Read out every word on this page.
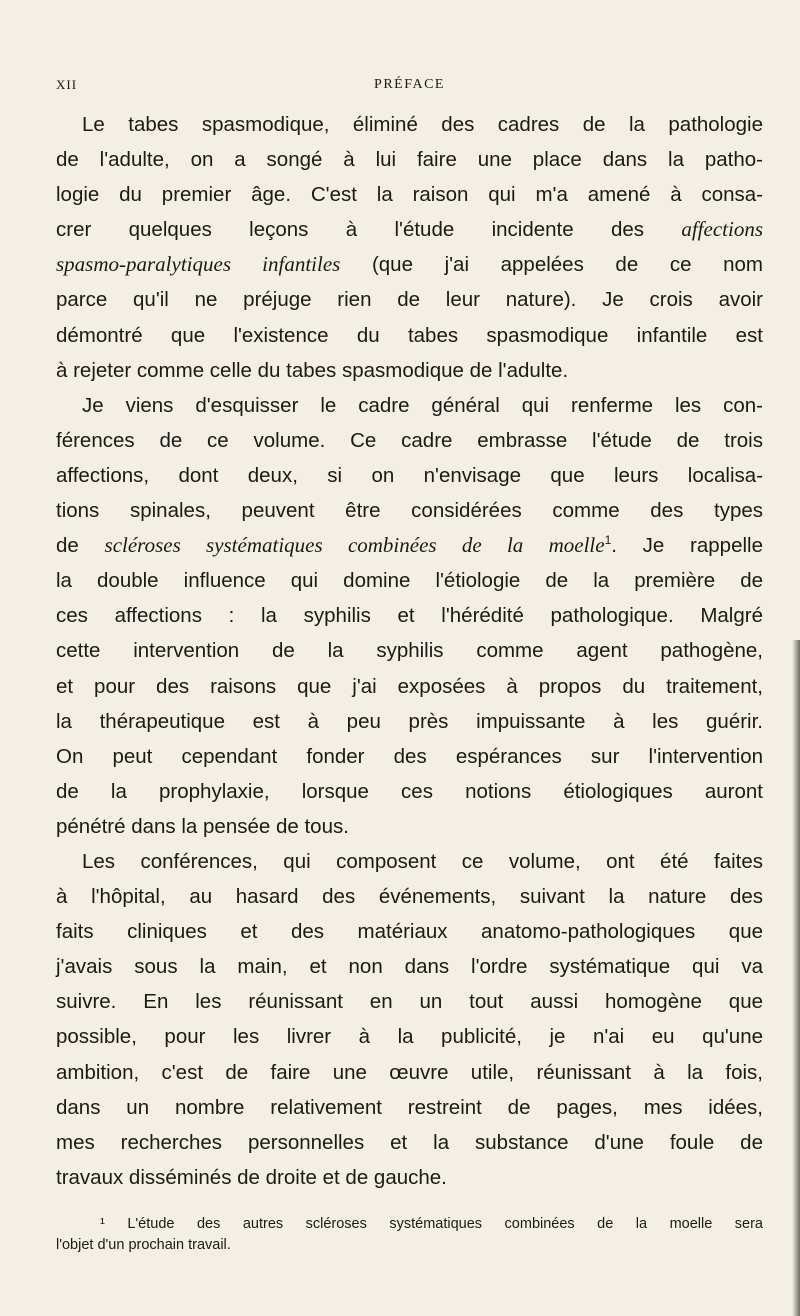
XII	PRÉFACE
Le tabes spasmodique, éliminé des cadres de la pathologie
de l'adulte, on a songé à lui faire une place dans la patho-
logie du premier âge. C'est la raison qui m'a amené à consa-
crer quelques leçons à l'étude incidente des affections
spasmo-paralytiques infantiles (que j'ai appelées de ce nom
parce qu'il ne préjuge rien de leur nature). Je crois avoir
démontré que l'existence du tabes spasmodique infantile est
à rejeter comme celle du tabes spasmodique de l'adulte.
Je viens d'esquisser le cadre général qui renferme les con-
férences de ce volume. Ce cadre embrasse l'étude de trois
affections, dont deux, si on n'envisage que leurs localisa-
tions spinales, peuvent être considérées comme des types
de scléroses systématiques combinées de la moelle$^1$. Je rappelle
la double influence qui domine l'étiologie de la première de
ces affections : la syphilis et l'hérédité pathologique. Malgré
cette intervention de la syphilis comme agent pathogène,
et pour des raisons que j'ai exposées à propos du traitement,
la thérapeutique est à peu près impuissante à les guérir.
On peut cependant fonder des espérances sur l'intervention
de la prophylaxie, lorsque ces notions étiologiques auront
pénétré dans la pensée de tous.
Les conférences, qui composent ce volume, ont été faites
à l'hôpital, au hasard des événements, suivant la nature des
faits cliniques et des matériaux anatomo-pathologiques que
j'avais sous la main, et non dans l'ordre systématique qui va
suivre. En les réunissant en un tout aussi homogène que
possible, pour les livrer à la publicité, je n'ai eu qu'une
ambition, c'est de faire une œuvre utile, réunissant à la fois,
dans un nombre relativement restreint de pages, mes idées,
mes recherches personnelles et la substance d'une foule de
travaux disséminés de droite et de gauche.
¹ L'étude des autres scléroses systématiques combinées de la moelle sera
l'objet d'un prochain travail.
